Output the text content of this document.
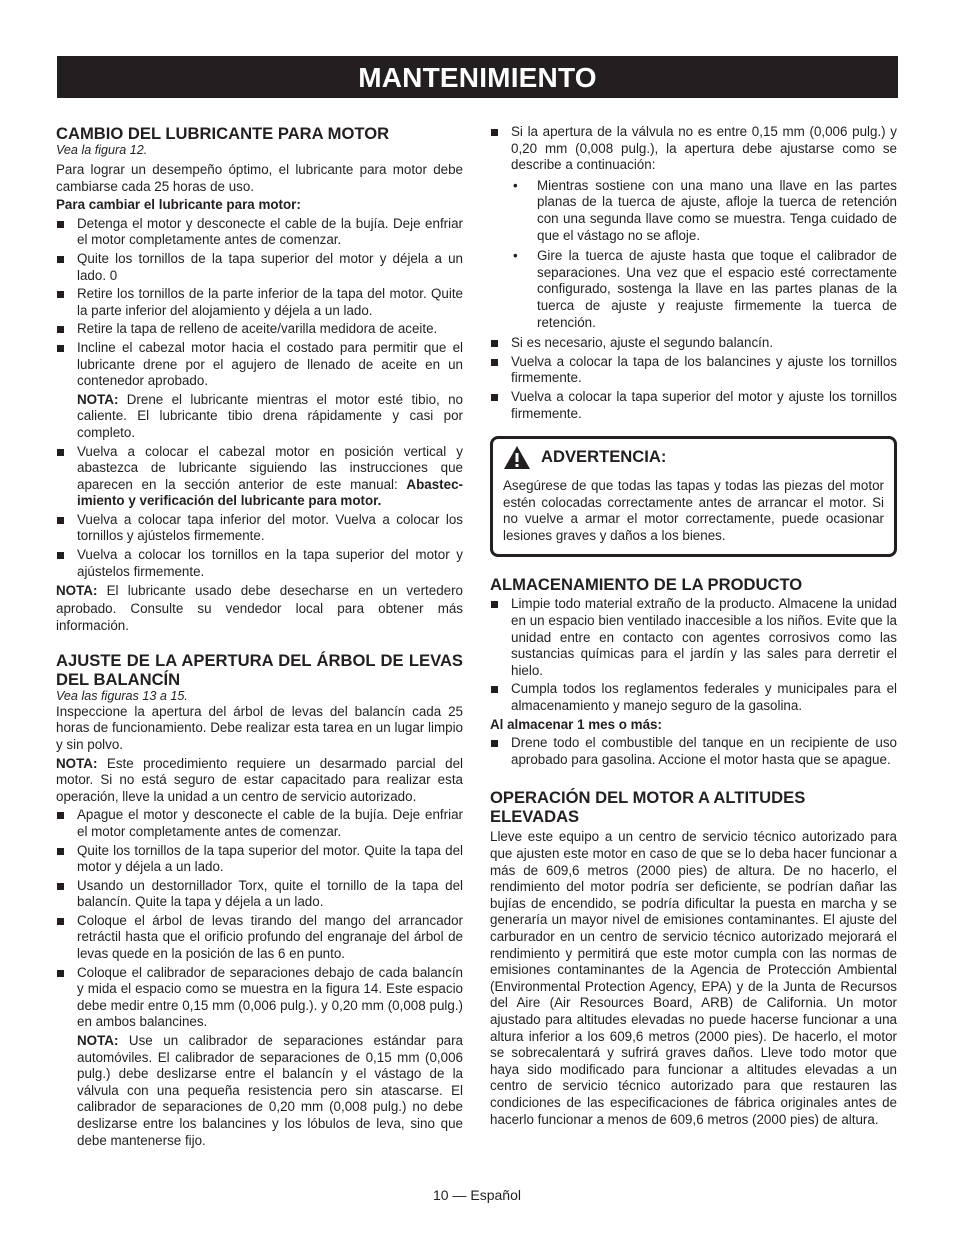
MANTENIMIENTO
CAMBIO DEL LUBRICANTE PARA MOTOR
Vea la figura 12.

Para lograr un desempeño óptimo, el lubricante para motor debe cambiarse cada 25 horas de uso.

Para cambiar el lubricante para motor:

Detenga el motor y desconecte el cable de la bujía. Deje enfriar el motor completamente antes de comenzar.
Quite los tornillos de la tapa superior del motor y déjela a un lado. 0
Retire los tornillos de la parte inferior de la tapa del motor. Quite la parte inferior del alojamiento y déjela a un lado.
Retire la tapa de relleno de aceite/varilla medidora de aceite.
Incline el cabezal motor hacia el costado para permitir que el lubricante drene por el agujero de llenado de aceite en un contenedor aprobado.
NOTA: Drene el lubricante mientras el motor esté tibio, no caliente. El lubricante tibio drena rápidamente y casi por completo.
Vuelva a colocar el cabezal motor en posición vertical y abastezca de lubricante siguiendo las instrucciones que aparecen en la sección anterior de este manual: Abastecimiento y verificación del lubricante para motor.
Vuelva a colocar tapa inferior del motor. Vuelva a colocar los tornillos y ajústelos firmemente.
Vuelva a colocar los tornillos en la tapa superior del motor y ajústelos firmemente.

NOTA: El lubricante usado debe desecharse en un vertedero aprobado. Consulte su vendedor local para obtener más información.

AJUSTE DE LA APERTURA DEL ÁRBOL DE LEVAS DEL BALANCÍN
Vea las figuras 13 a 15.

Inspeccione la apertura del árbol de levas del balancín cada 25 horas de funcionamiento. Debe realizar esta tarea en un lugar limpio y sin polvo.

NOTA: Este procedimiento requiere un desarmado parcial del motor. Si no está seguro de estar capacitado para realizar esta operación, lleve la unidad a un centro de servicio autorizado.

Apague el motor y desconecte el cable de la bujía. Deje enfriar el motor completamente antes de comenzar.
Quite los tornillos de la tapa superior del motor. Quite la tapa del motor y déjela a un lado.
Usando un destornillador Torx, quite el tornillo de la tapa del balancín. Quite la tapa y déjela a un lado.
Coloque el árbol de levas tirando del mango del arrancador retráctil hasta que el orificio profundo del engranaje del árbol de levas quede en la posición de las 6 en punto.
Coloque el calibrador de separaciones debajo de cada balancín y mida el espacio como se muestra en la figura 14. Este espacio debe medir entre 0,15 mm (0,006 pulg.). y 0,20 mm (0,008 pulg.) en ambos balancines.
NOTA: Use un calibrador de separaciones estándar para automóviles. El calibrador de separaciones de 0,15 mm (0,006 pulg.) debe deslizarse entre el balancín y el vástago de la válvula con una pequeña resistencia pero sin atascarse. El calibrador de separaciones de 0,20 mm (0,008 pulg.) no debe deslizarse entre los balancines y los lóbulos de leva, sino que debe mantenerse fijo.
Si la apertura de la válvula no es entre 0,15 mm (0,006 pulg.) y 0,20 mm (0,008 pulg.), la apertura debe ajustarse como se describe a continuación:
• Mientras sostiene con una mano una llave en las partes planas de la tuerca de ajuste, afloje la tuerca de retención con una segunda llave como se muestra. Tenga cuidado de que el vástago no se afloje.
• Gire la tuerca de ajuste hasta que toque el calibrador de separaciones. Una vez que el espacio esté correctamente configurado, sostenga la llave en las partes planas de la tuerca de ajuste y reajuste firmemente la tuerca de retención.
Si es necesario, ajuste el segundo balancín.
Vuelva a colocar la tapa de los balancines y ajuste los tornillos firmemente.
Vuelva a colocar la tapa superior del motor y ajuste los tornillos firmemente.
ADVERTENCIA:
Asegúrese de que todas las tapas y todas las piezas del motor estén colocadas correctamente antes de arrancar el motor. Si no vuelve a armar el motor correctamente, puede ocasionar lesiones graves y daños a los bienes.
ALMACENAMIENTO DE LA PRODUCTO
Limpie todo material extraño de la producto. Almacene la unidad en un espacio bien ventilado inaccesible a los niños. Evite que la unidad entre en contacto con agentes corrosivos como las sustancias químicas para el jardín y las sales para derretir el hielo.
Cumpla todos los reglamentos federales y municipales para el almacenamiento y manejo seguro de la gasolina.

Al almacenar 1 mes o más:

Drene todo el combustible del tanque en un recipiente de uso aprobado para gasolina. Accione el motor hasta que se apague.
OPERACIÓN DEL MOTOR A ALTITUDES ELEVADAS

Lleve este equipo a un centro de servicio técnico autorizado para que ajusten este motor en caso de que se lo deba hacer funcionar a más de 609,6 metros (2000 pies) de altura. De no hacerlo, el rendimiento del motor podría ser deficiente, se podrían dañar las bujías de encendido, se podría dificultar la puesta en marcha y se generaría un mayor nivel de emisiones contaminantes. El ajuste del carburador en un centro de servicio técnico autorizado mejorará el rendimiento y permitirá que este motor cumpla con las normas de emisiones contaminantes de la Agencia de Protección Ambiental (Environmental Protection Agency, EPA) y de la Junta de Recursos del Aire (Air Resources Board, ARB) de California. Un motor ajustado para altitudes elevadas no puede hacerse funcionar a una altura inferior a los 609,6 metros (2000 pies). De hacerlo, el motor se sobrecalentará y sufrirá graves daños. Lleve todo motor que haya sido modificado para funcionar a altitudes elevadas a un centro de servicio técnico autorizado para que restauren las condiciones de las especificaciones de fábrica originales antes de hacerlo funcionar a menos de 609,6 metros (2000 pies) de altura.

10 — Español
